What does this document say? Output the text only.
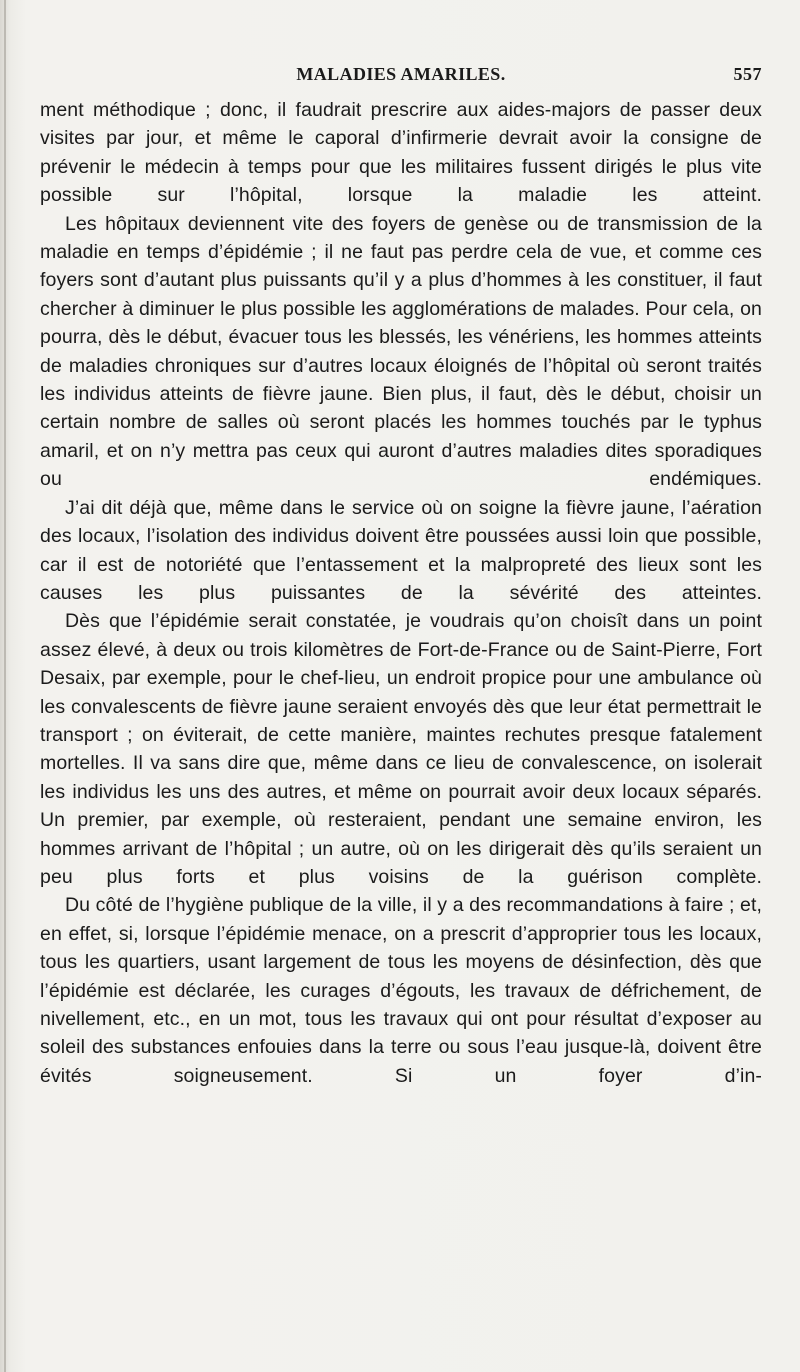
MALADIES AMARILES.	557

ment méthodique ; donc, il faudrait prescrire aux aides-majors de passer deux visites par jour, et même le caporal d’infirmerie devrait avoir la consigne de prévenir le médecin à temps pour que les militaires fussent dirigés le plus vite possible sur l’hôpital, lorsque la maladie les atteint.

Les hôpitaux deviennent vite des foyers de genèse ou de transmission de la maladie en temps d’épidémie ; il ne faut pas perdre cela de vue, et comme ces foyers sont d’autant plus puissants qu’il y a plus d’hommes à les constituer, il faut chercher à diminuer le plus possible les agglomérations de malades. Pour cela, on pourra, dès le début, évacuer tous les blessés, les vénériens, les hommes atteints de maladies chroniques sur d’autres locaux éloignés de l’hôpital où seront traités les individus atteints de fièvre jaune. Bien plus, il faut, dès le début, choisir un certain nombre de salles où seront placés les hommes touchés par le typhus amaril, et on n’y mettra pas ceux qui auront d’autres maladies dites sporadiques ou endémiques.

J’ai dit déjà que, même dans le service où on soigne la fièvre jaune, l’aération des locaux, l’isolation des individus doivent être poussées aussi loin que possible, car il est de notoriété que l’entassement et la malpropreté des lieux sont les causes les plus puissantes de la sévérité des atteintes.

Dès que l’épidémie serait constatée, je voudrais qu’on choisît dans un point assez élevé, à deux ou trois kilomètres de Fort-de-France ou de Saint-Pierre, Fort Desaix, par exemple, pour le chef-lieu, un endroit propice pour une ambulance où les convalescents de fièvre jaune seraient envoyés dès que leur état permettrait le transport ; on éviterait, de cette manière, maintes rechutes presque fatalement mortelles. Il va sans dire que, même dans ce lieu de convalescence, on isolerait les individus les uns des autres, et même on pourrait avoir deux locaux séparés. Un premier, par exemple, où resteraient, pendant une semaine environ, les hommes arrivant de l’hôpital ; un autre, où on les dirigerait dès qu’ils seraient un peu plus forts et plus voisins de la guérison complète.

Du côté de l’hygiène publique de la ville, il y a des recommandations à faire ; et, en effet, si, lorsque l’épidémie menace, on a prescrit d’approprier tous les locaux, tous les quartiers, usant largement de tous les moyens de désinfection, dès que l’épidémie est déclarée, les curages d’égouts, les travaux de défrichement, de nivellement, etc., en un mot, tous les travaux qui ont pour résultat d’exposer au soleil des substances enfouies dans la terre ou sous l’eau jusque-là, doivent être évités soigneusement. Si un foyer d’in-
